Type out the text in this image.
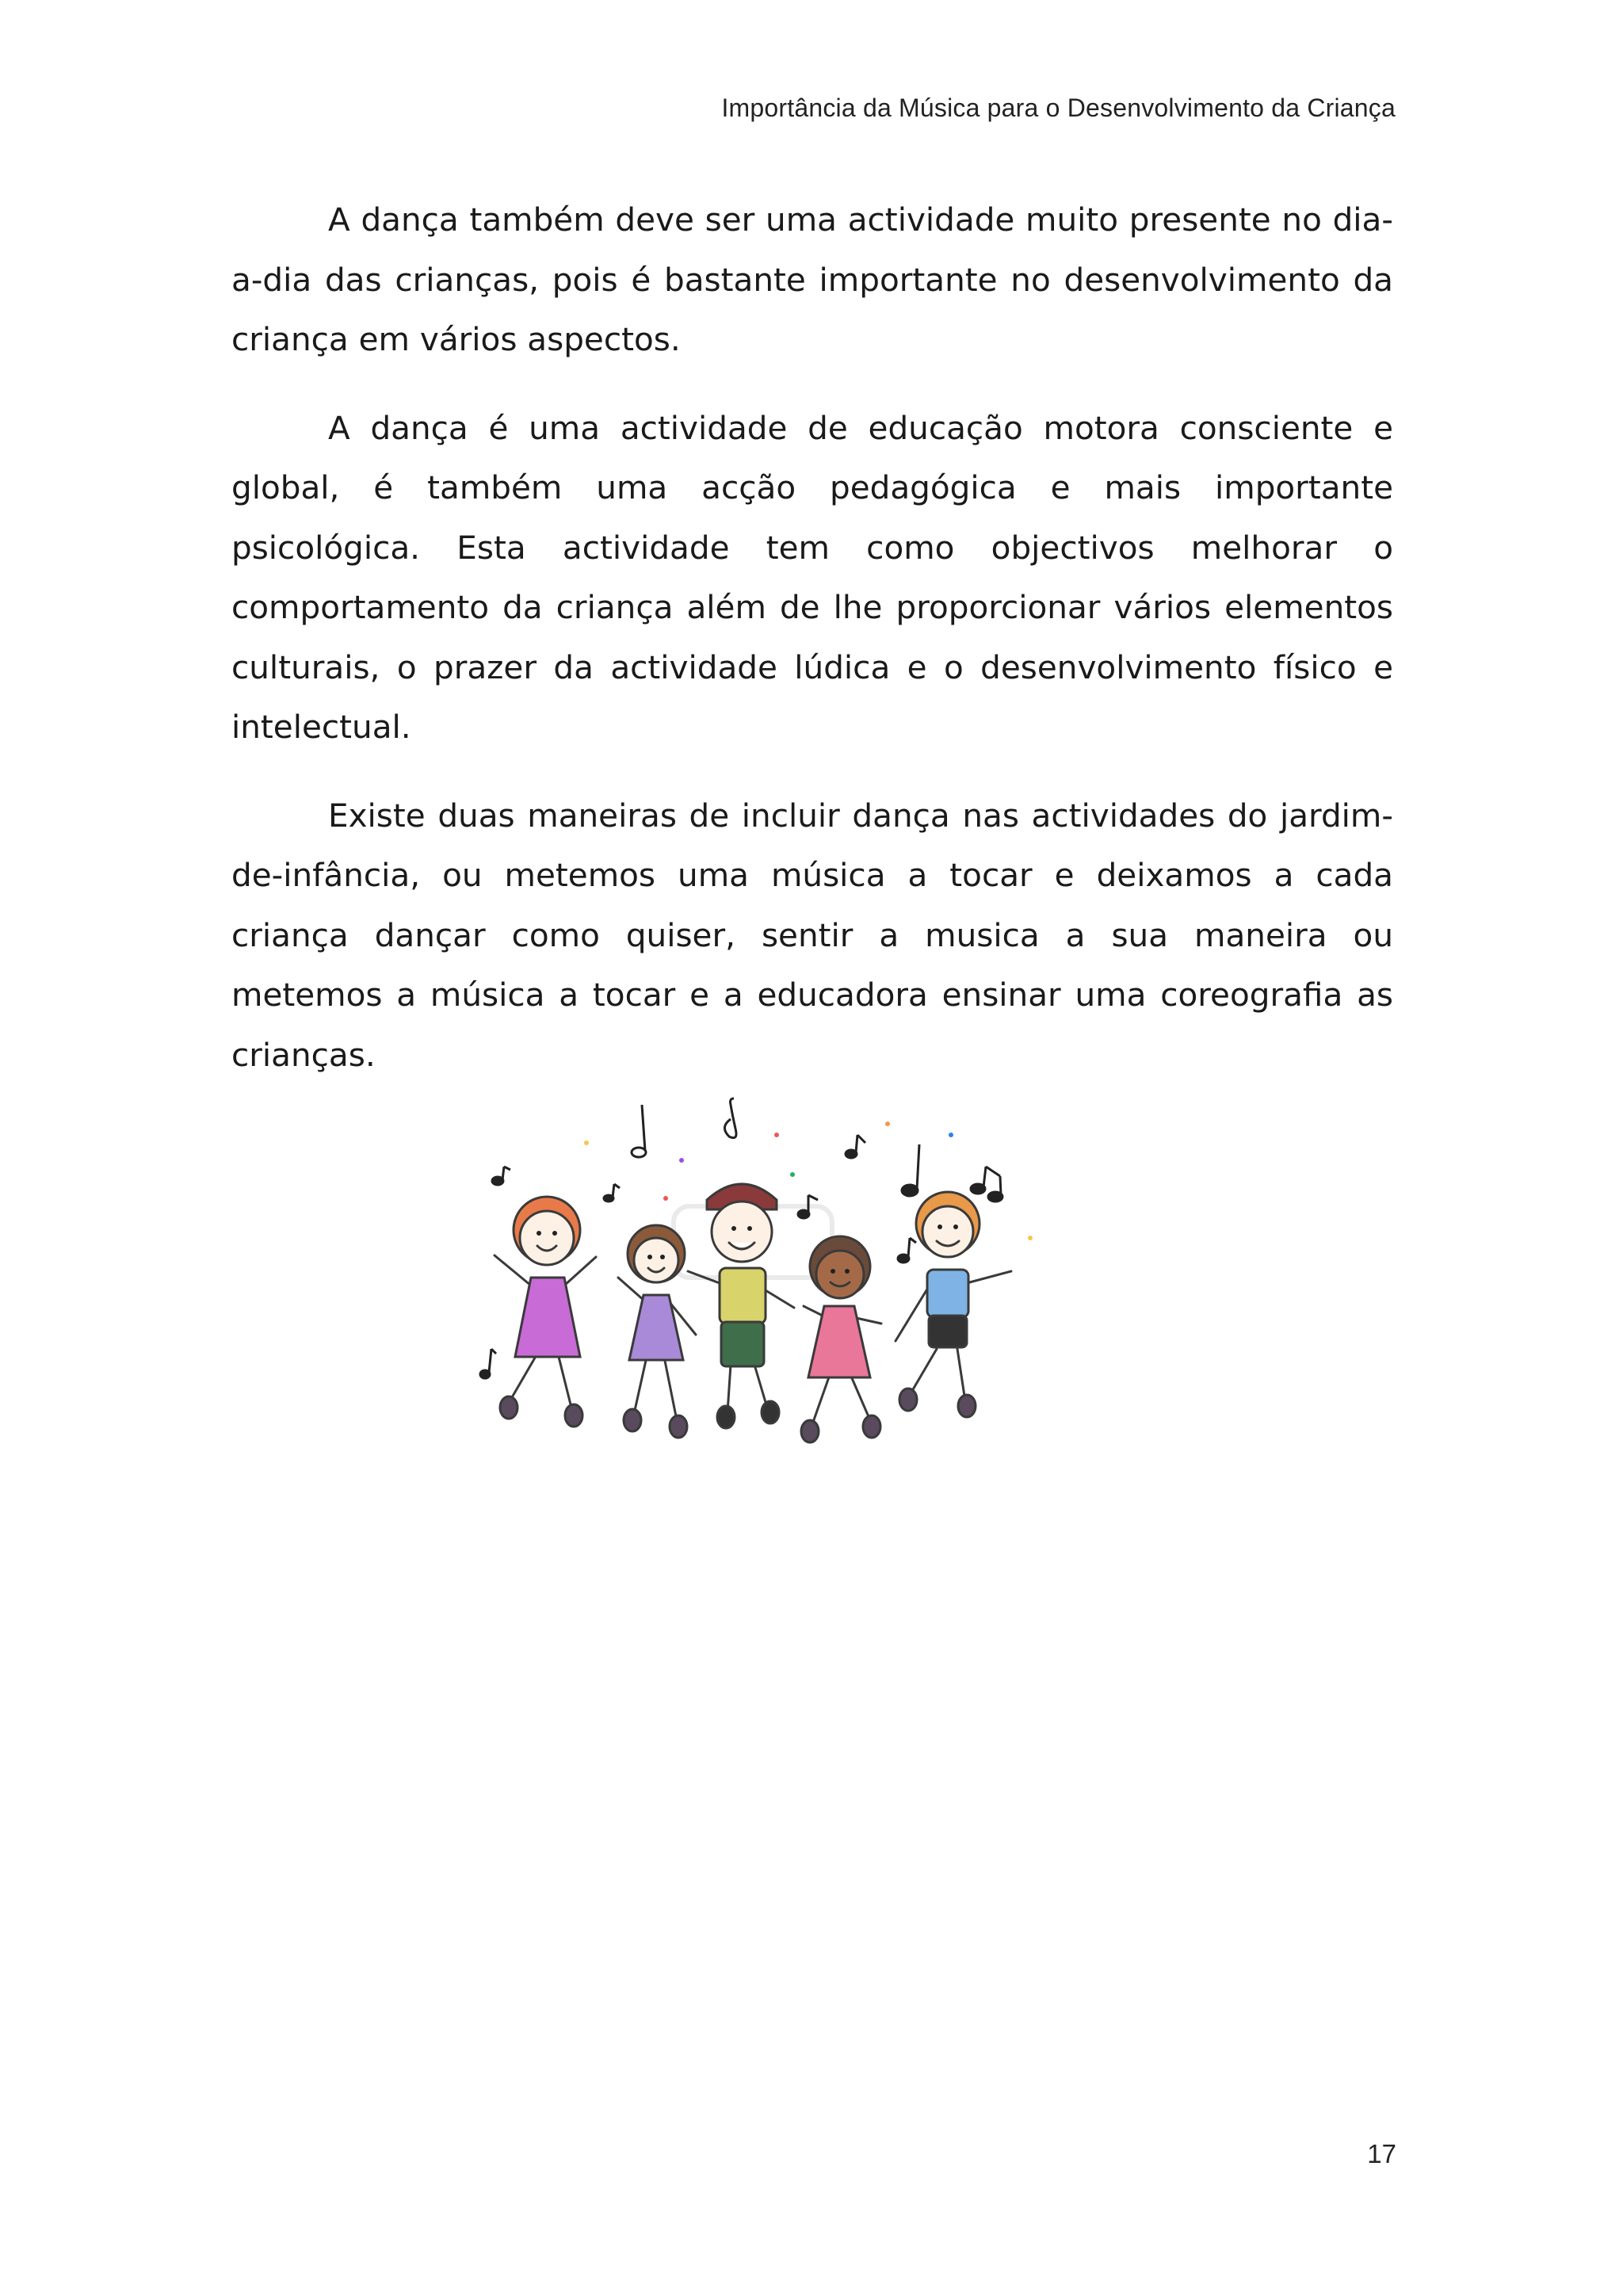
Importância da Música para o Desenvolvimento da Criança

A dança também deve ser uma actividade muito presente no dia-a-dia das crianças, pois é bastante importante no desenvolvimento da criança em vários aspectos.

A dança é uma actividade de educação motora consciente e global, é também uma acção pedagógica e mais importante psicológica. Esta actividade tem como objectivos melhorar o comportamento da criança além de lhe proporcionar vários elementos culturais, o prazer da actividade lúdica e o desenvolvimento físico e intelectual.

Existe duas maneiras de incluir dança nas actividades do jardim-de-infância, ou metemos uma música a tocar e deixamos a cada criança dançar como quiser, sentir a musica a sua maneira ou metemos a música a tocar e a educadora ensinar uma coreografia as crianças.

17
